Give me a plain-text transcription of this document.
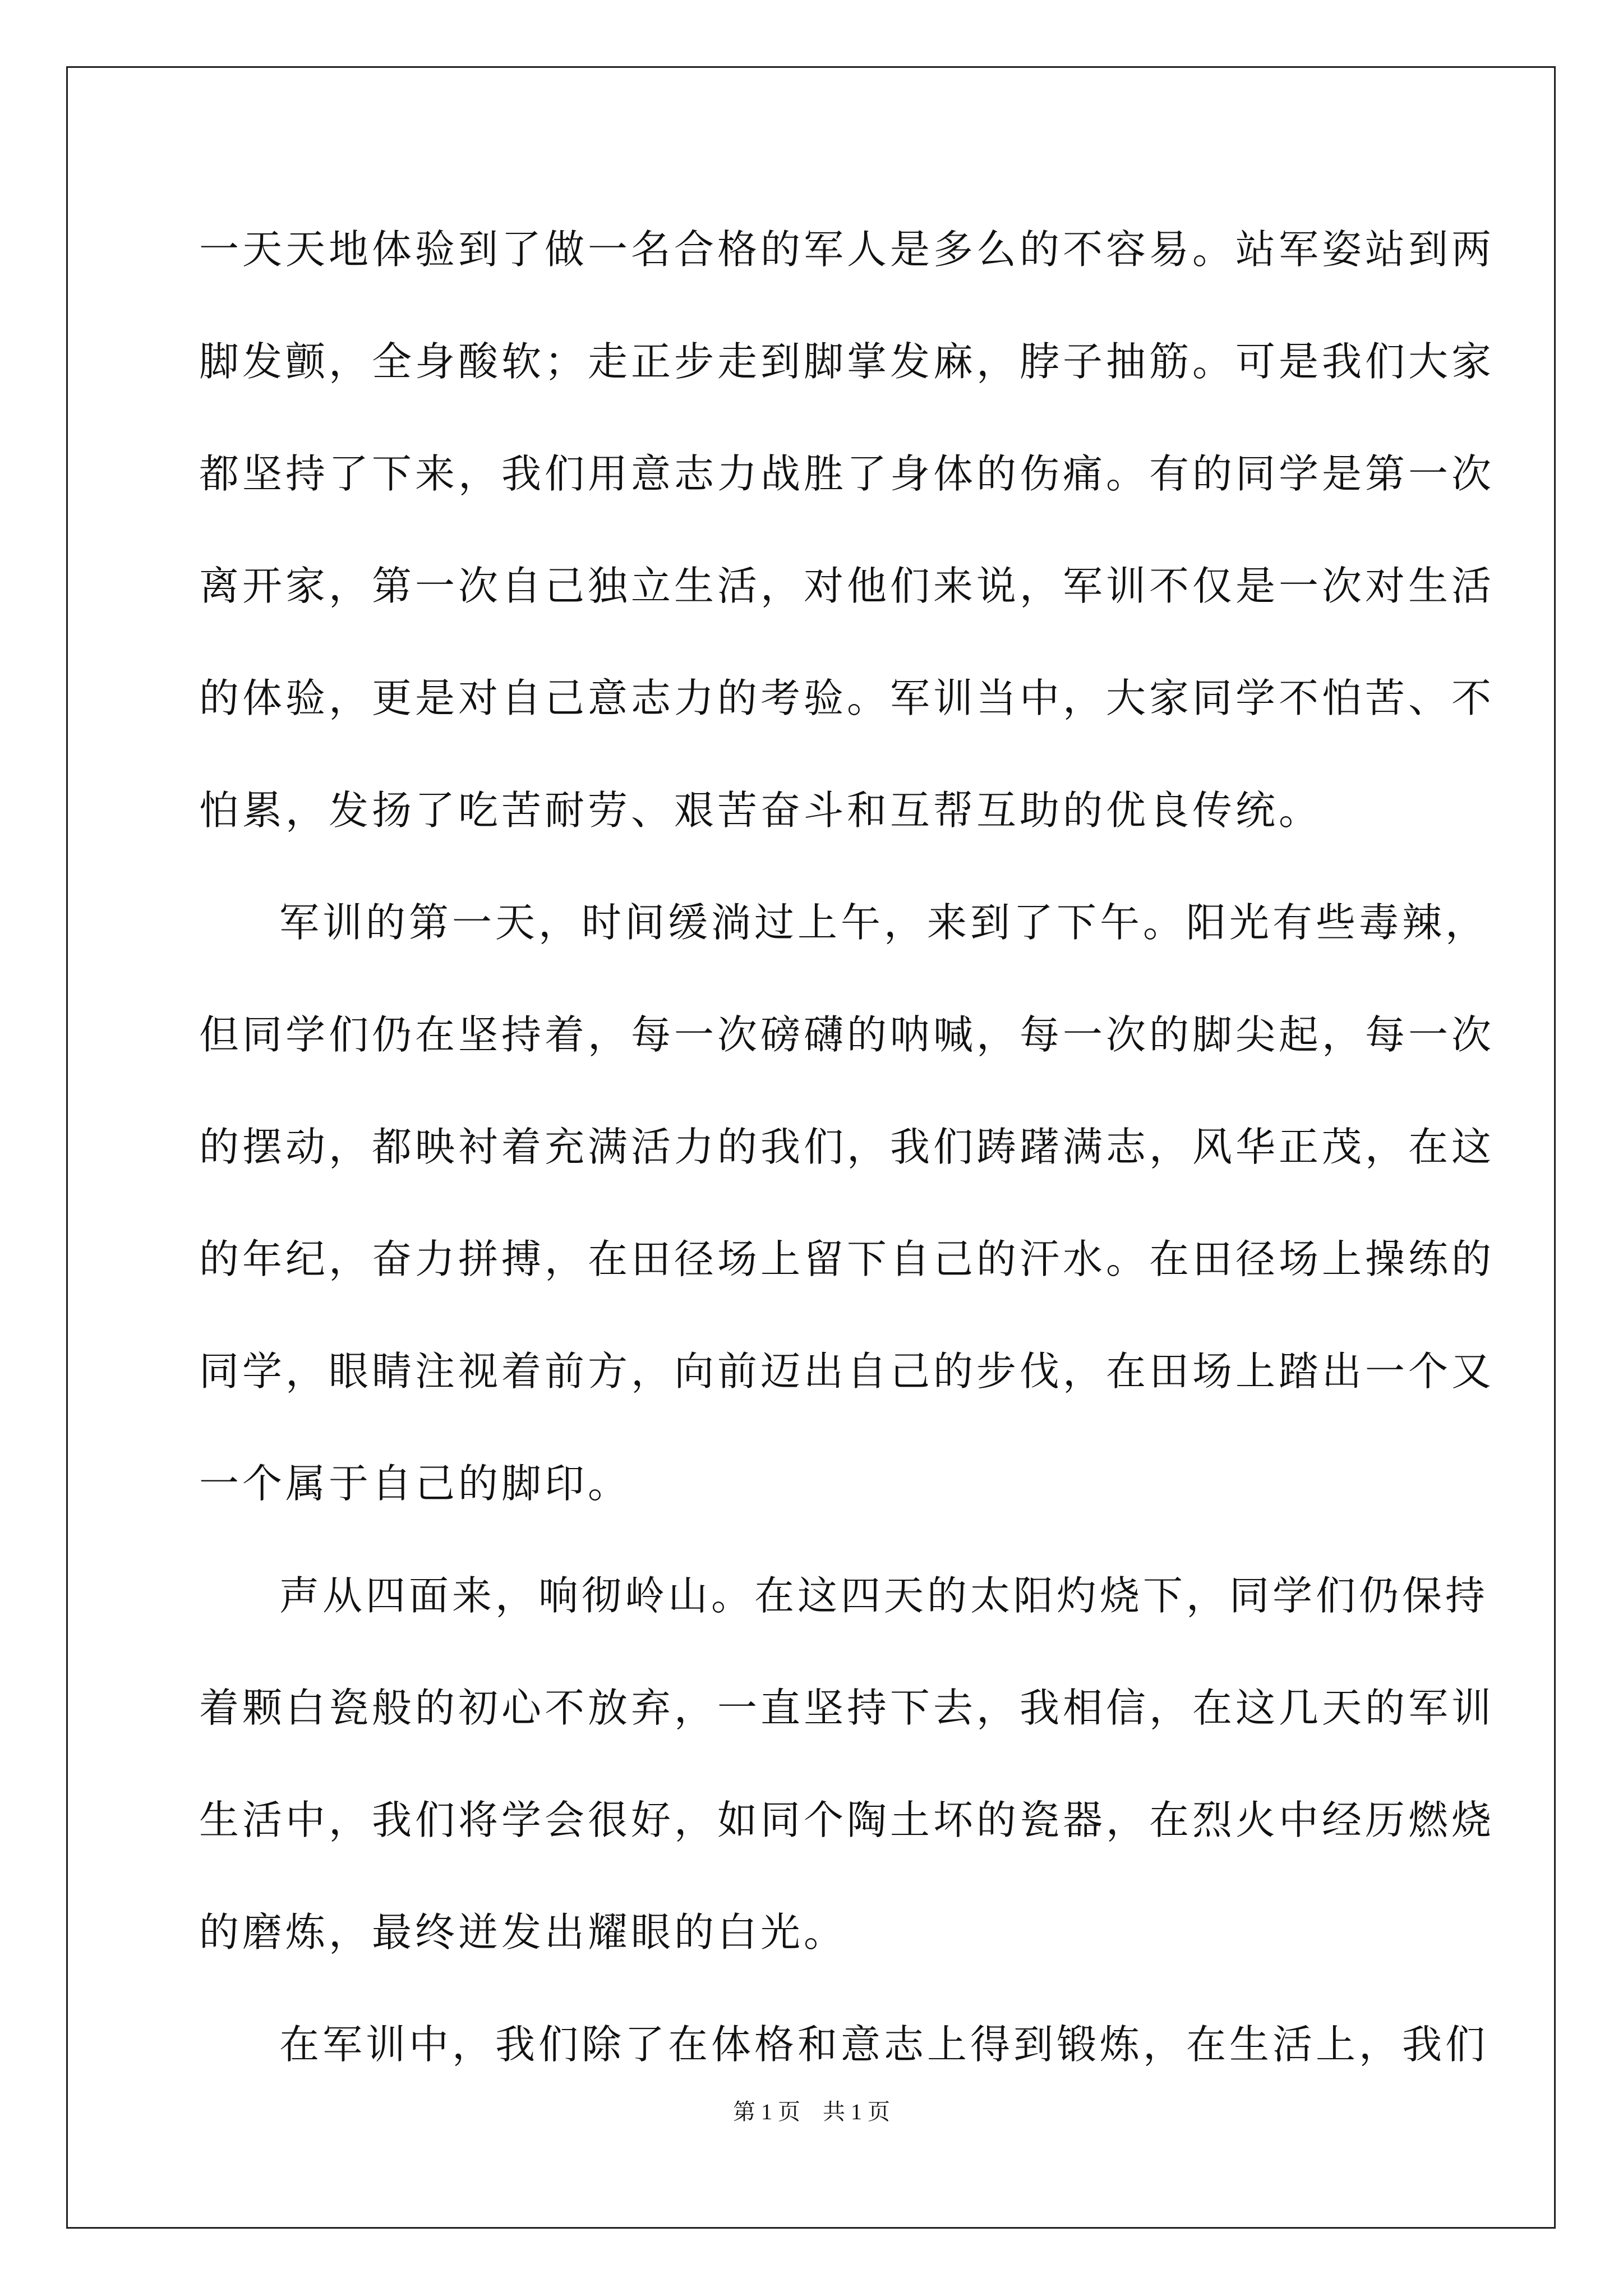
一天天地体验到了做一名合格的军人是多么的不容易。站军姿站到两
脚发颤，全身酸软；走正步走到脚掌发麻，脖子抽筋。可是我们大家
都坚持了下来，我们用意志力战胜了身体的伤痛。有的同学是第一次
离开家，第一次自己独立生活，对他们来说，军训不仅是一次对生活
的体验，更是对自己意志力的考验。军训当中，大家同学不怕苦、不
怕累，发扬了吃苦耐劳、艰苦奋斗和互帮互助的优良传统。
军训的第一天，时间缓淌过上午，来到了下午。阳光有些毒辣，
但同学们仍在坚持着，每一次磅礴的呐喊，每一次的脚尖起，每一次
的摆动，都映衬着充满活力的我们，我们踌躇满志，风华正茂，在这
的年纪，奋力拼搏，在田径场上留下自己的汗水。在田径场上操练的
同学，眼睛注视着前方，向前迈出自己的步伐，在田场上踏出一个又
一个属于自己的脚印。
声从四面来，响彻岭山。在这四天的太阳灼烧下，同学们仍保持
着颗白瓷般的初心不放弃，一直坚持下去，我相信，在这几天的军训
生活中，我们将学会很好，如同个陶土坏的瓷器，在烈火中经历燃烧
的磨炼，最终迸发出耀眼的白光。
在军训中，我们除了在体格和意志上得到锻炼，在生活上，我们
第 1 页　共 1 页
